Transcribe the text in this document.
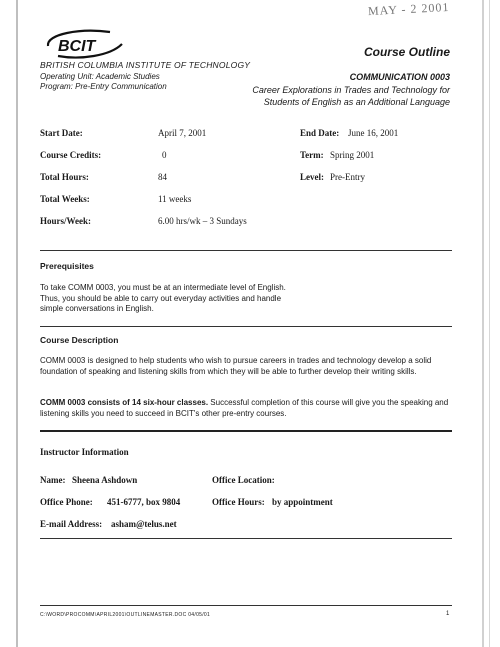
MAY - 2 2001
BCIT
BRITISH COLUMBIA INSTITUTE OF TECHNOLOGY
Operating Unit: Academic Studies
Program: Pre-Entry Communication
Course Outline
COMMUNICATION 0003
Career Explorations in Trades and Technology for Students of English as an Additional Language
Start Date:	April 7, 2001	End Date: June 16, 2001
Course Credits:	0	Term: Spring 2001
Total Hours:	84	Level: Pre-Entry
Total Weeks:	11 weeks
Hours/Week:	6.00 hrs/wk – 3 Sundays
Prerequisites
To take COMM 0003, you must be at an intermediate level of English. Thus, you should be able to carry out everyday activities and handle simple conversations in English.
Course Description
COMM 0003 is designed to help students who wish to pursue careers in trades and technology develop a solid foundation of speaking and listening skills from which they will be able to further develop their writing skills.
COMM 0003 consists of 14 six-hour classes. Successful completion of this course will give you the speaking and listening skills you need to succeed in BCIT's other pre-entry courses.
Instructor Information
Name: Sheena Ashdown	Office Location:
Office Phone: 451-6777, box 9804	Office Hours: by appointment
E-mail Address: asham@telus.net
C:\WORD\PROCOMM\APRIL2001\OUTLINEMASTER.DOC 04/05/01	1
